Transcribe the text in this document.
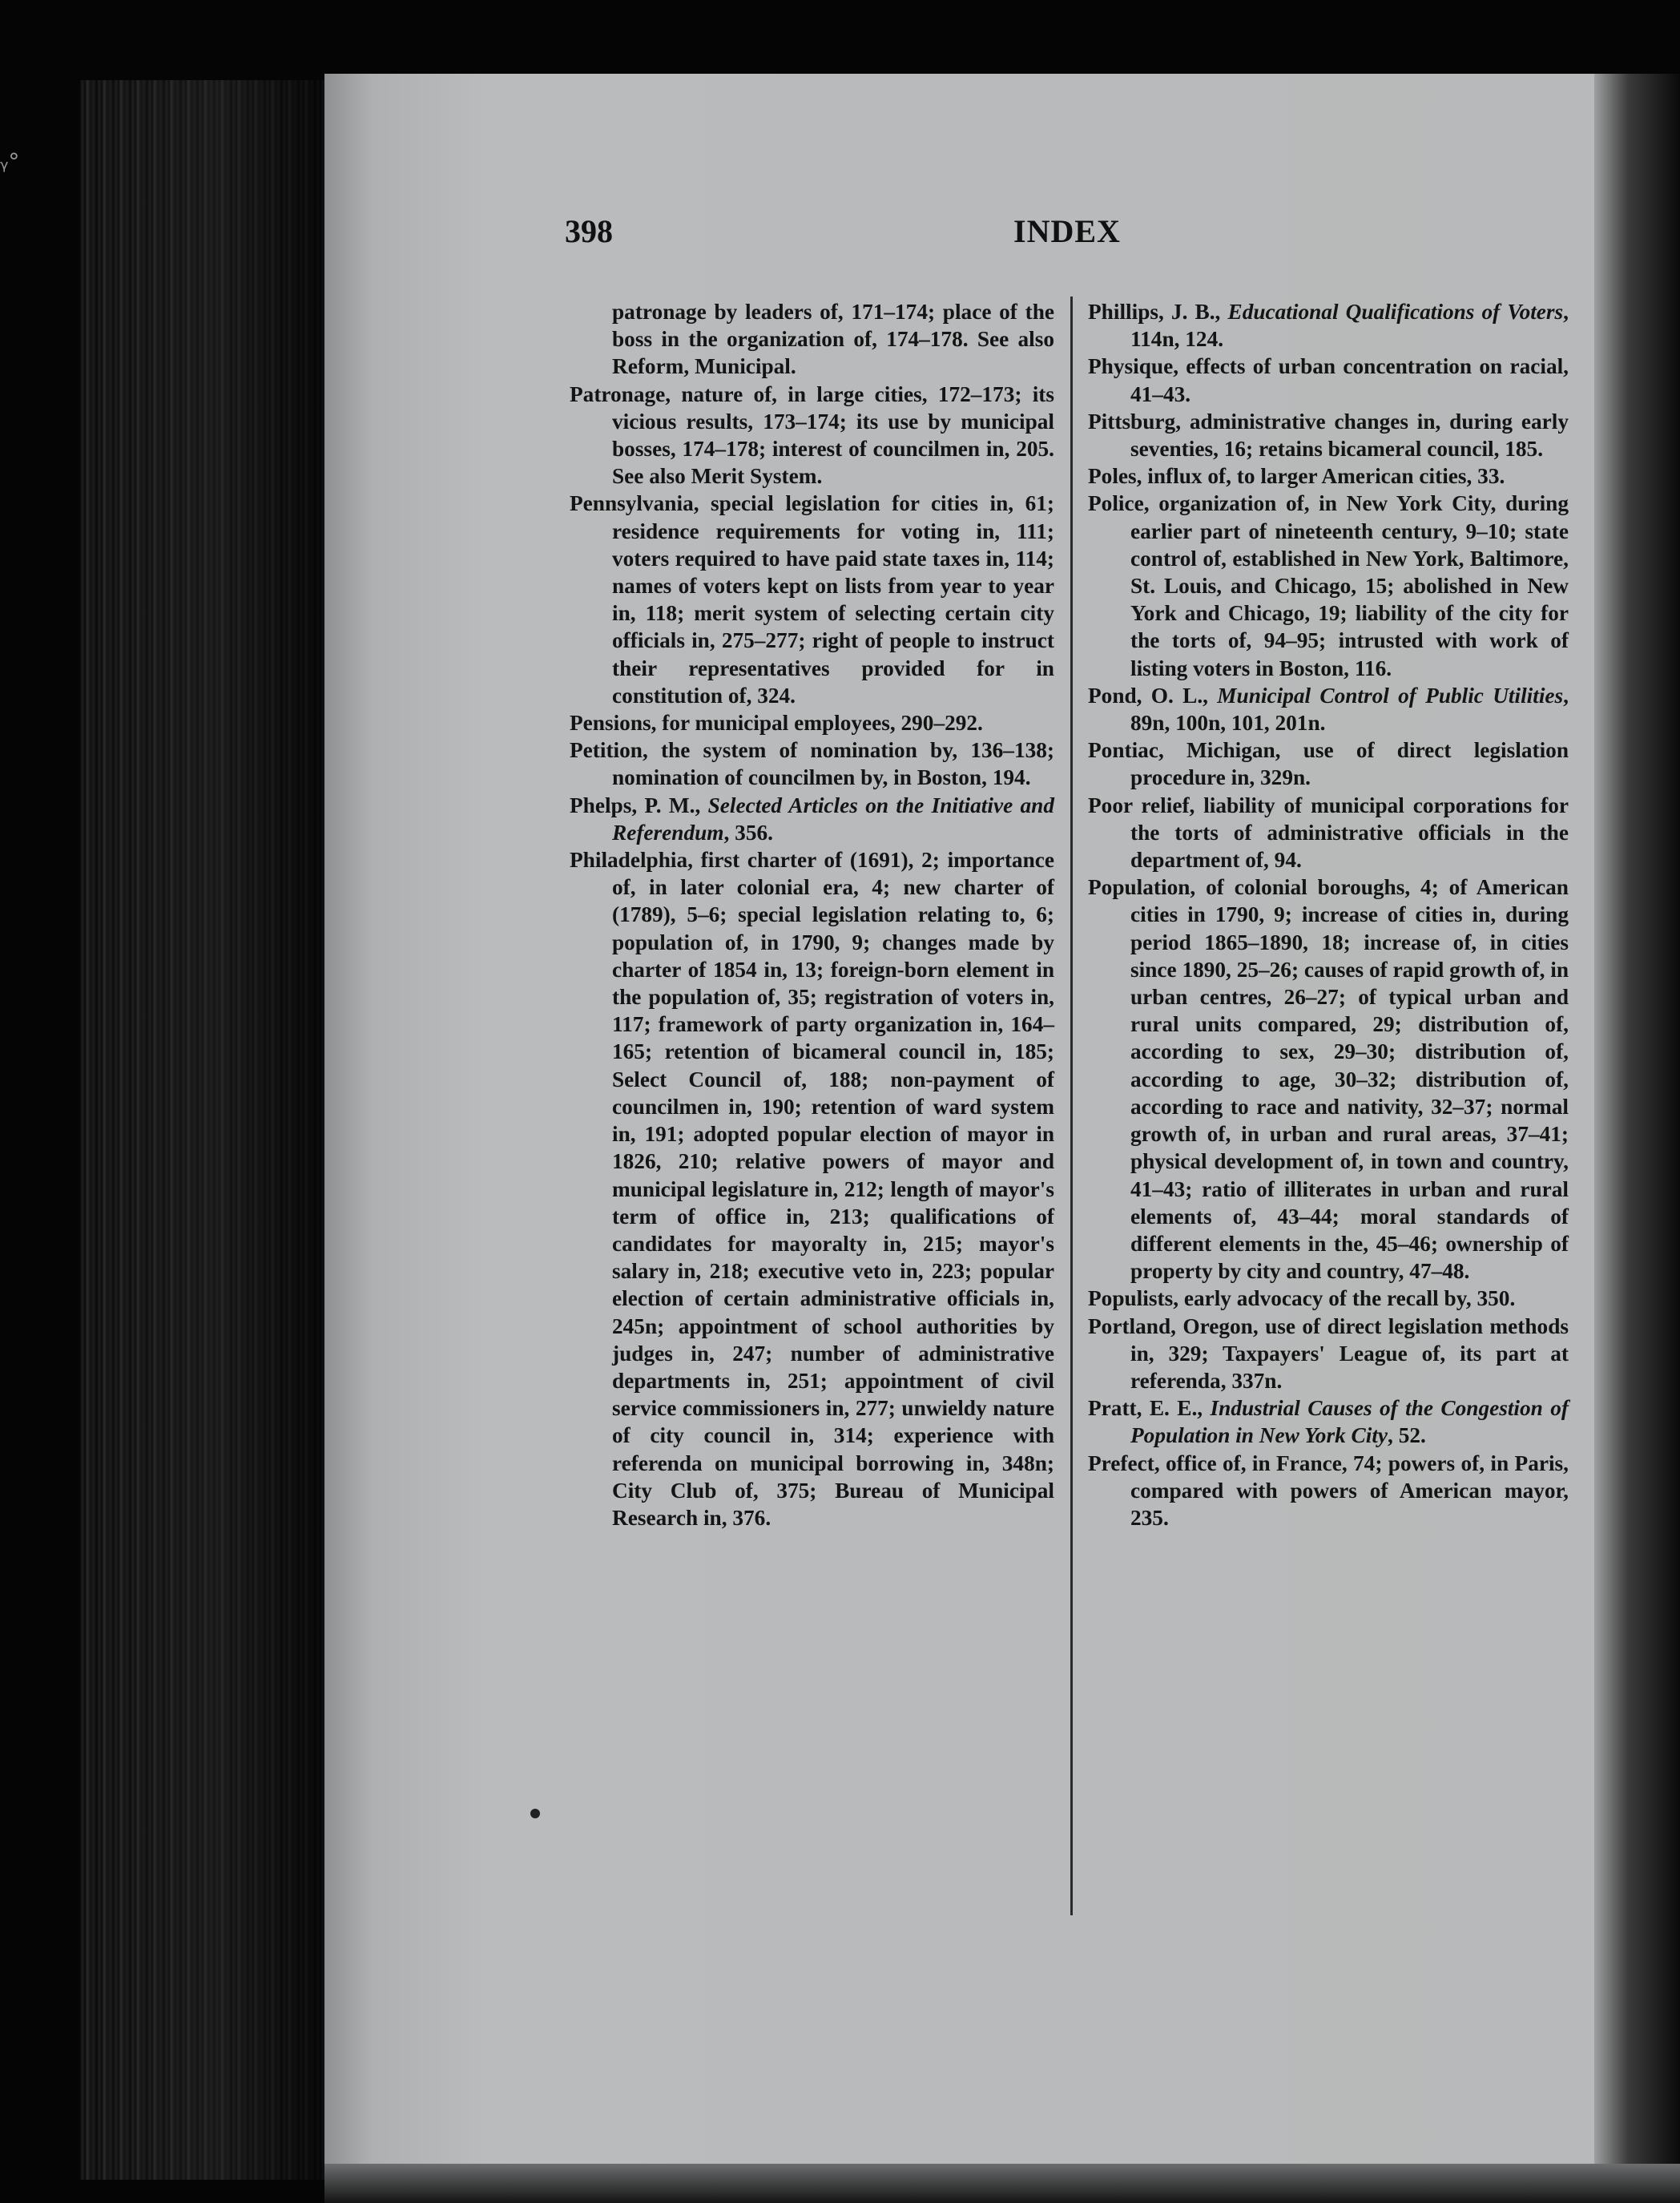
ᵧ°
398	INDEX

patronage by leaders of, 171–174; place of the boss in the organization of, 174–178. See also Reform, Municipal.

Patronage, nature of, in large cities, 172–173; its vicious results, 173–174; its use by municipal bosses, 174–178; interest of councilmen in, 205. See also Merit System.

Pennsylvania, special legislation for cities in, 61; residence requirements for voting in, 111; voters required to have paid state taxes in, 114; names of voters kept on lists from year to year in, 118; merit system of selecting certain city officials in, 275–277; right of people to instruct their representatives provided for in constitution of, 324.

Pensions, for municipal employees, 290–292.

Petition, the system of nomination by, 136–138; nomination of councilmen by, in Boston, 194.

Phelps, P. M., Selected Articles on the Initiative and Referendum, 356.

Philadelphia, first charter of (1691), 2; importance of, in later colonial era, 4; new charter of (1789), 5–6; special legislation relating to, 6; population of, in 1790, 9; changes made by charter of 1854 in, 13; foreign-born element in the population of, 35; registration of voters in, 117; framework of party organization in, 164–165; retention of bicameral council in, 185; Select Council of, 188; non-payment of councilmen in, 190; retention of ward system in, 191; adopted popular election of mayor in 1826, 210; relative powers of mayor and municipal legislature in, 212; length of mayor's term of office in, 213; qualifications of candidates for mayoralty in, 215; mayor's salary in, 218; executive veto in, 223; popular election of certain administrative officials in, 245n; appointment of school authorities by judges in, 247; number of administrative departments in, 251; appointment of civil service commissioners in, 277; unwieldy nature of city council in, 314; experience with referenda on municipal borrowing in, 348n; City Club of, 375; Bureau of Municipal Research in, 376.

Phillips, J. B., Educational Qualifications of Voters, 114n, 124.

Physique, effects of urban concentration on racial, 41–43.

Pittsburg, administrative changes in, during early seventies, 16; retains bicameral council, 185.

Poles, influx of, to larger American cities, 33.

Police, organization of, in New York City, during earlier part of nineteenth century, 9–10; state control of, established in New York, Baltimore, St. Louis, and Chicago, 15; abolished in New York and Chicago, 19; liability of the city for the torts of, 94–95; intrusted with work of listing voters in Boston, 116.

Pond, O. L., Municipal Control of Public Utilities, 89n, 100n, 101, 201n.

Pontiac, Michigan, use of direct legislation procedure in, 329n.

Poor relief, liability of municipal corporations for the torts of administrative officials in the department of, 94.

Population, of colonial boroughs, 4; of American cities in 1790, 9; increase of cities in, during period 1865–1890, 18; increase of, in cities since 1890, 25–26; causes of rapid growth of, in urban centres, 26–27; of typical urban and rural units compared, 29; distribution of, according to sex, 29–30; distribution of, according to age, 30–32; distribution of, according to race and nativity, 32–37; normal growth of, in urban and rural areas, 37–41; physical development of, in town and country, 41–43; ratio of illiterates in urban and rural elements of, 43–44; moral standards of different elements in the, 45–46; ownership of property by city and country, 47–48.

Populists, early advocacy of the recall by, 350.

Portland, Oregon, use of direct legislation methods in, 329; Taxpayers' League of, its part at referenda, 337n.

Pratt, E. E., Industrial Causes of the Congestion of Population in New York City, 52.

Prefect, office of, in France, 74; powers of, in Paris, compared with powers of American mayor, 235.
